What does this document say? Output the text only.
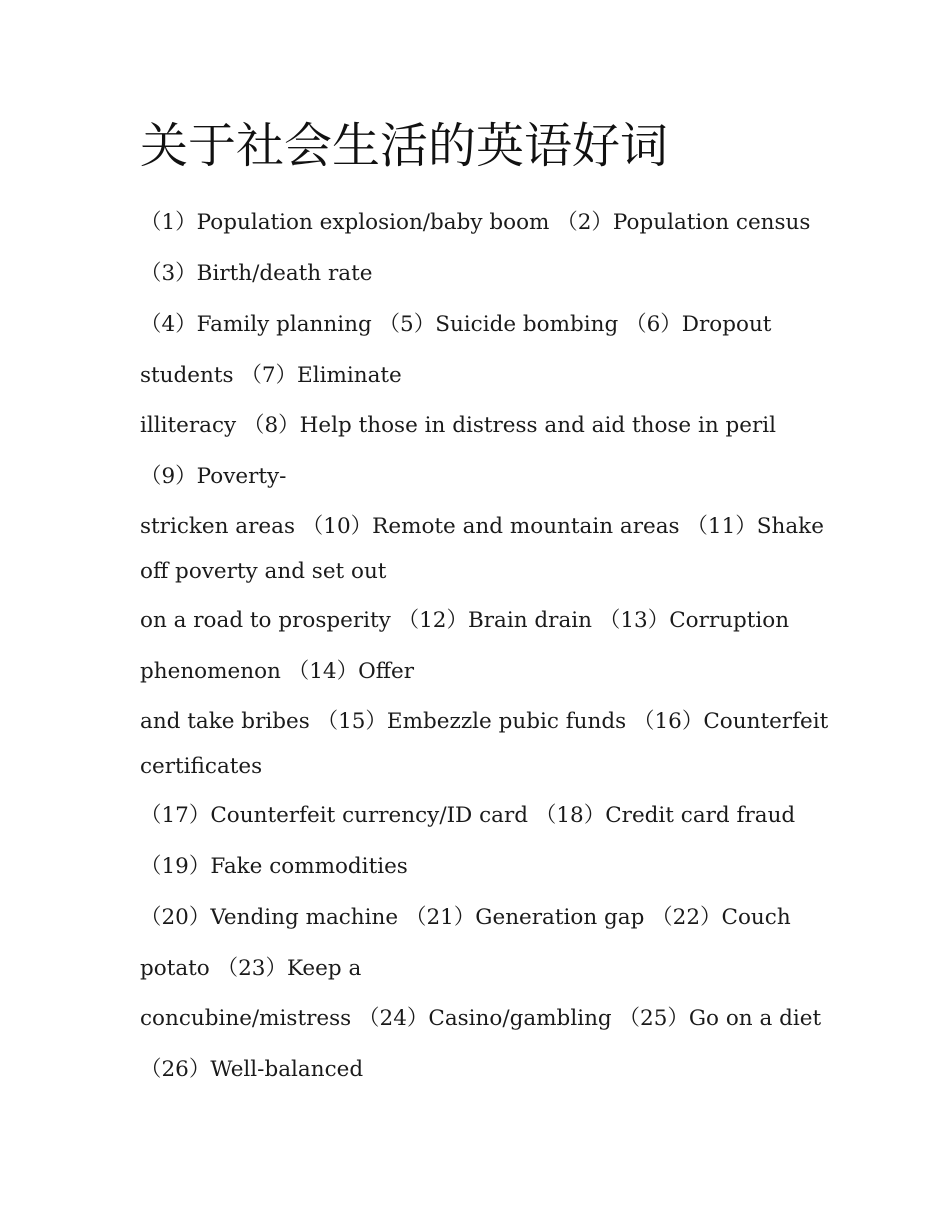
关于社会生活的英语好词

（1）Population explosion/baby boom （2）Population census

（3）Birth/death rate

（4）Family planning （5）Suicide bombing （6）Dropout

students （7）Eliminate

illiteracy （8）Help those in distress and aid those in peril

（9）Poverty-

stricken areas （10）Remote and mountain areas （11）Shake

off poverty and set out

on a road to prosperity （12）Brain drain （13）Corruption

phenomenon （14）Offer

and take bribes （15）Embezzle pubic funds （16）Counterfeit

certificates

（17）Counterfeit currency/ID card （18）Credit card fraud

（19）Fake commodities

（20）Vending machine （21）Generation gap （22）Couch

potato （23）Keep a

concubine/mistress （24）Casino/gambling （25）Go on a diet

（26）Well-balanced
